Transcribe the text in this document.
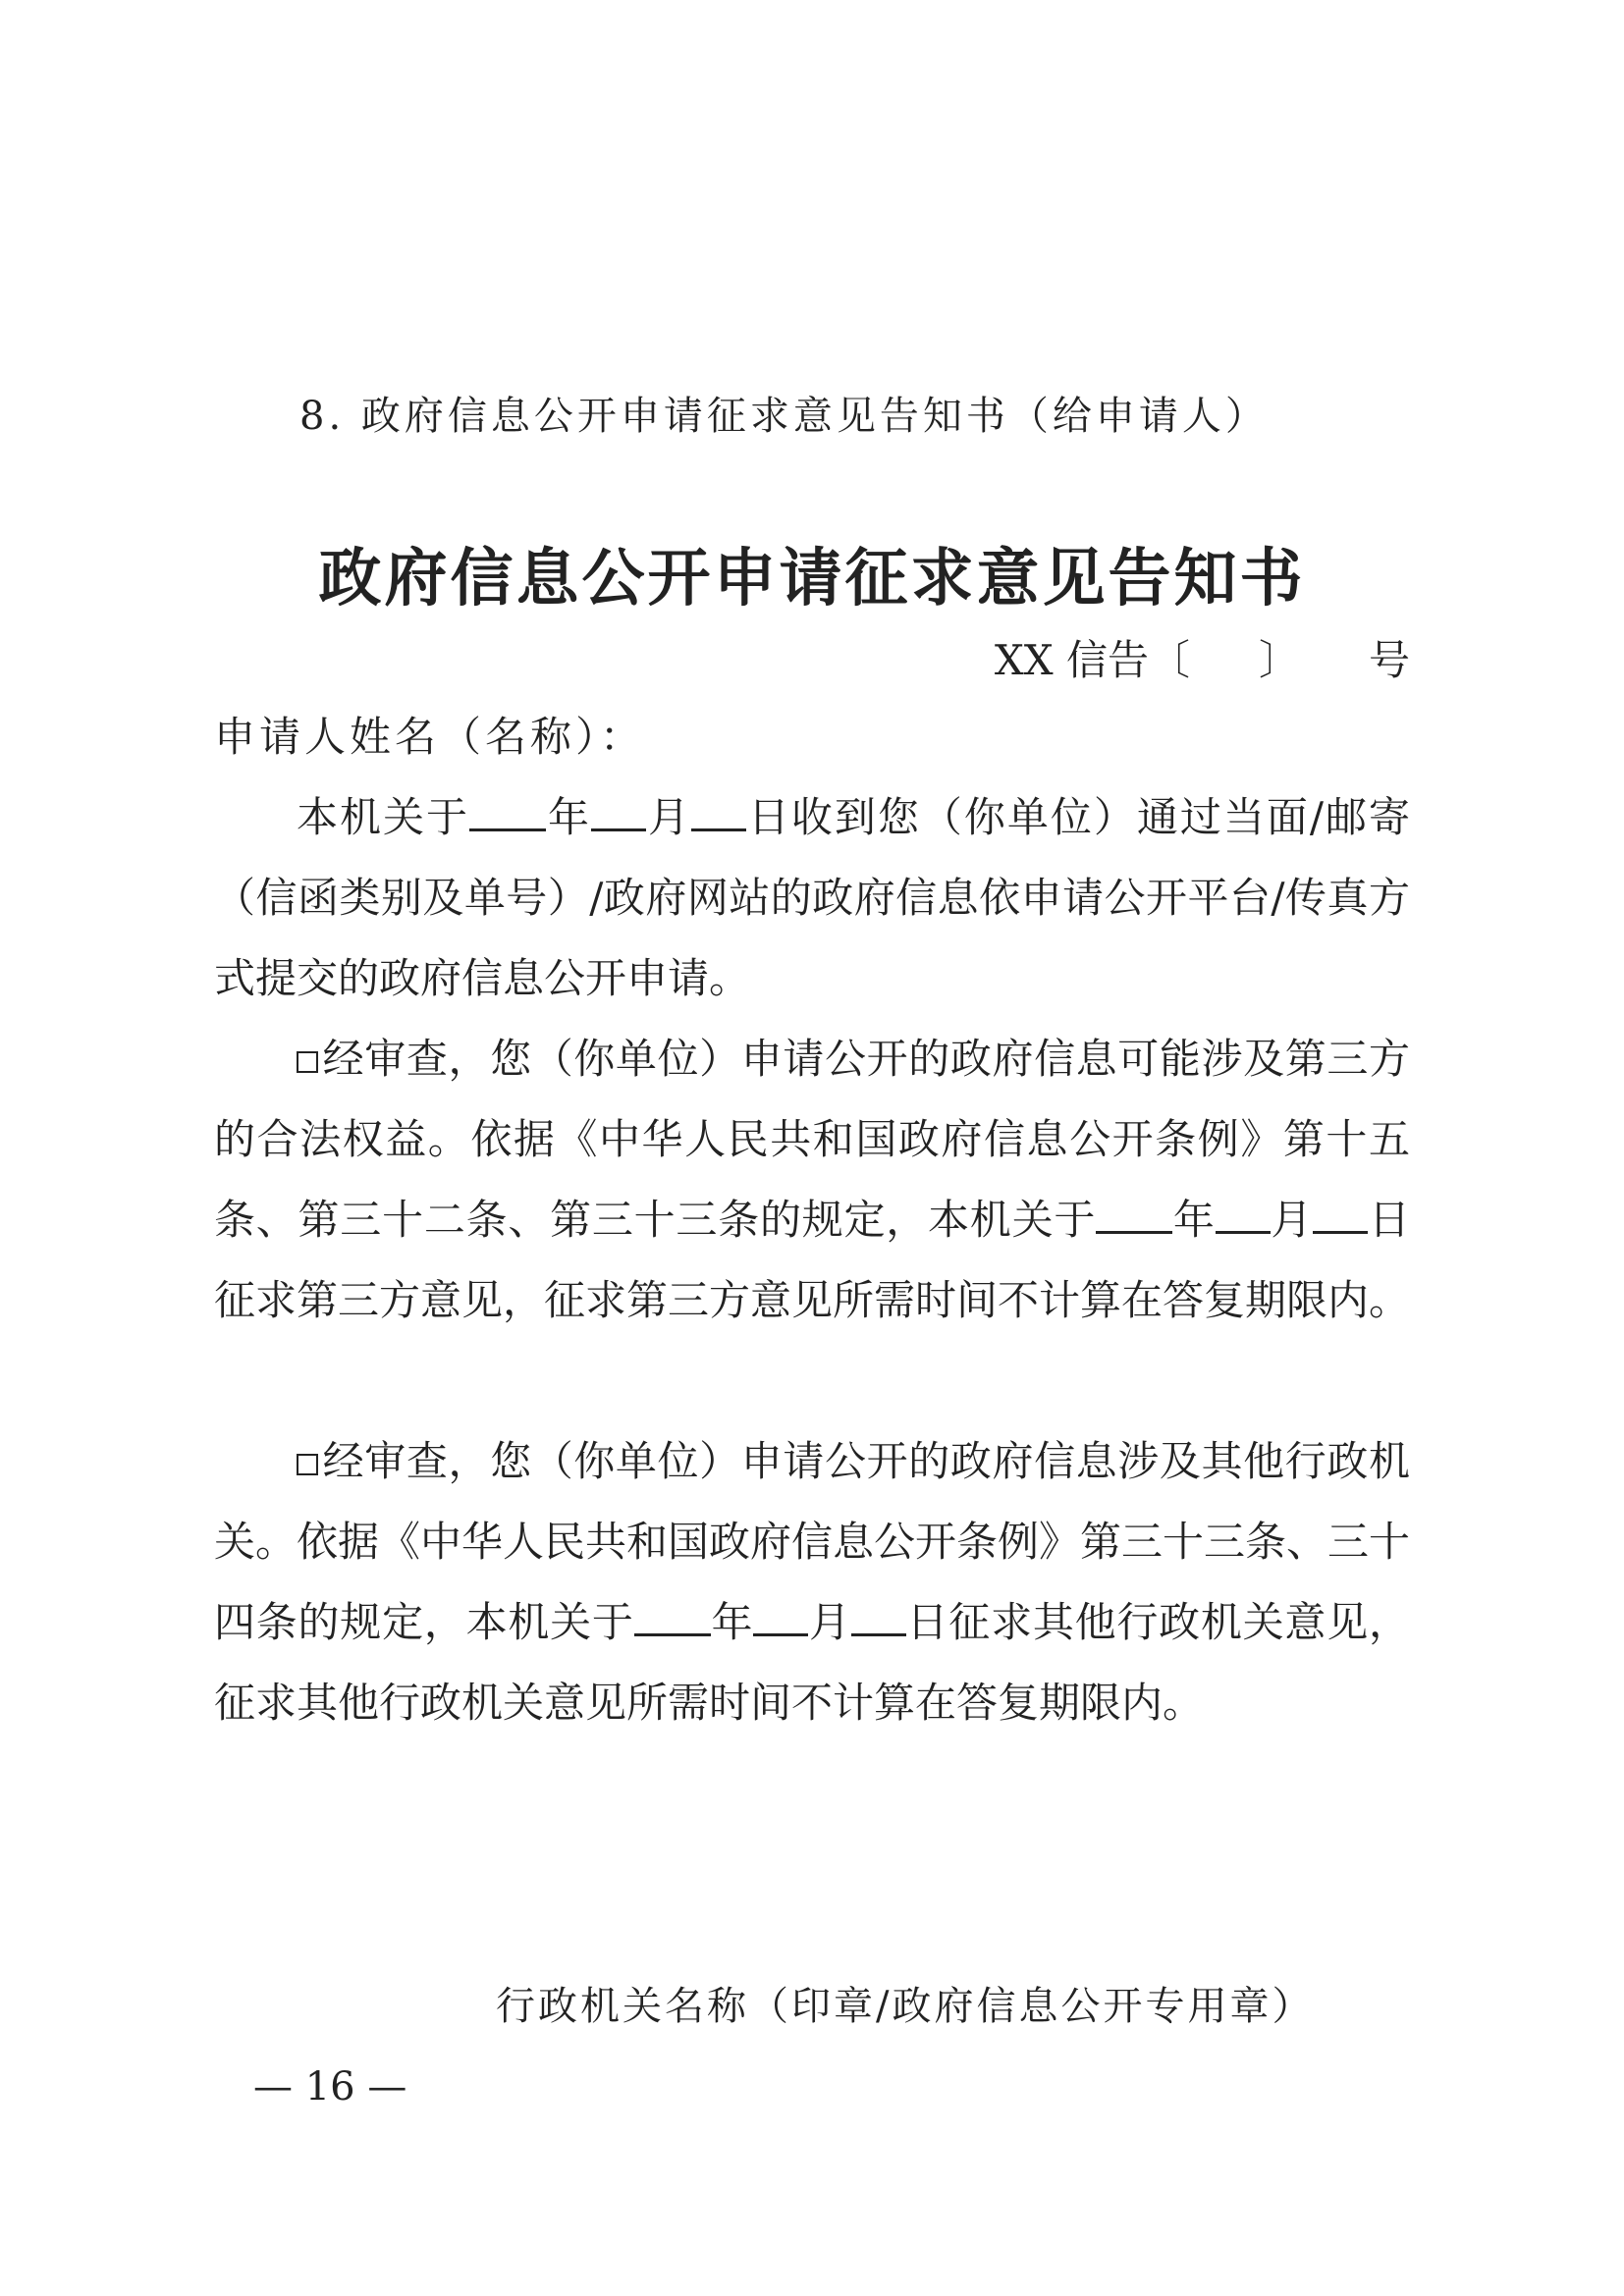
8. 政府信息公开申请征求意见告知书（给申请人）
政府信息公开申请征求意见告知书
XX 信告〔 〕 号
申请人姓名（名称）：

本机关于 年 月 日收到您（你单位）通过当面/邮寄（信函类别及单号）/政府网站的政府信息依申请公开平台/传真方式提交的政府信息公开申请。

经审查，您（你单位）申请公开的政府信息可能涉及第三方的合法权益。依据《中华人民共和国政府信息公开条例》第十五条、第三十二条、第三十三条的规定，本机关于 年 月 日征求第三方意见，征求第三方意见所需时间不计算在答复期限内。

经审查，您（你单位）申请公开的政府信息涉及其他行政机关。依据《中华人民共和国政府信息公开条例》第三十三条、三十四条的规定，本机关于 年 月 日征求其他行政机关意见，征求其他行政机关意见所需时间不计算在答复期限内。

行政机关名称（印章/政府信息公开专用章）
— 16 —
